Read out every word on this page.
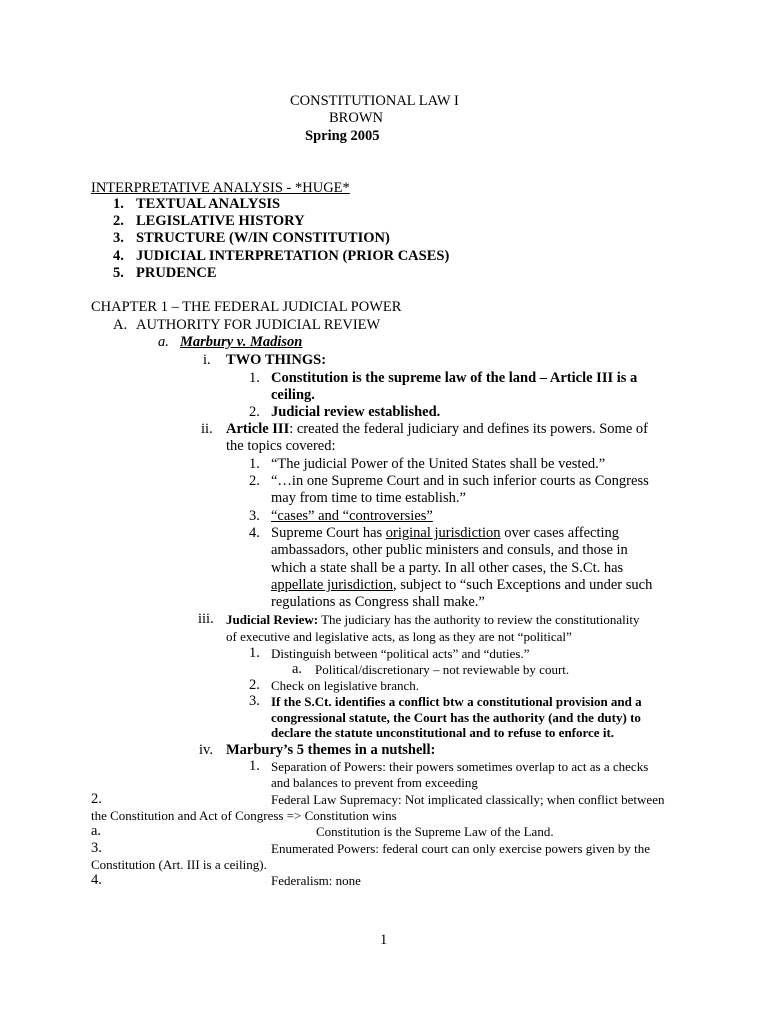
CONSTITUTIONAL LAW I
BROWN
Spring 2005
INTERPRETATIVE ANALYSIS - *HUGE*
1. TEXTUAL ANALYSIS
2. LEGISLATIVE HISTORY
3. STRUCTURE (W/IN CONSTITUTION)
4. JUDICIAL INTERPRETATION (PRIOR CASES)
5. PRUDENCE
CHAPTER 1 – THE FEDERAL JUDICIAL POWER
A. AUTHORITY FOR JUDICIAL REVIEW
a. Marbury v. Madison
i. TWO THINGS:
1. Constitution is the supreme law of the land – Article III is a
ceiling.
2. Judicial review established.
ii. Article III: created the federal judiciary and defines its powers. Some of
the topics covered:
1. “The judicial Power of the United States shall be vested.”
2. “…in one Supreme Court and in such inferior courts as Congress
may from time to time establish.”
3. “cases” and “controversies”
4. Supreme Court has original jurisdiction over cases affecting
ambassadors, other public ministers and consuls, and those in
which a state shall be a party. In all other cases, the S.Ct. has
appellate jurisdiction, subject to “such Exceptions and under such
regulations as Congress shall make.”
iii. Judicial Review: The judiciary has the authority to review the constitutionality
of executive and legislative acts, as long as they are not “political”
1. Distinguish between “political acts” and “duties.”
a. Political/discretionary – not reviewable by court.
2. Check on legislative branch.
3. If the S.Ct. identifies a conflict btw a constitutional provision and a
congressional statute, the Court has the authority (and the duty) to
declare the statute unconstitutional and to refuse to enforce it.
iv. Marbury’s 5 themes in a nutshell:
1. Separation of Powers: their powers sometimes overlap to act as a checks
and balances to prevent from exceeding
2.	Federal Law Supremacy: Not implicated classically; when conflict between
the Constitution and Act of Congress => Constitution wins
a.	Constitution is the Supreme Law of the Land.
3.	Enumerated Powers: federal court can only exercise powers given by the
Constitution (Art. III is a ceiling).
4.	Federalism: none
1
